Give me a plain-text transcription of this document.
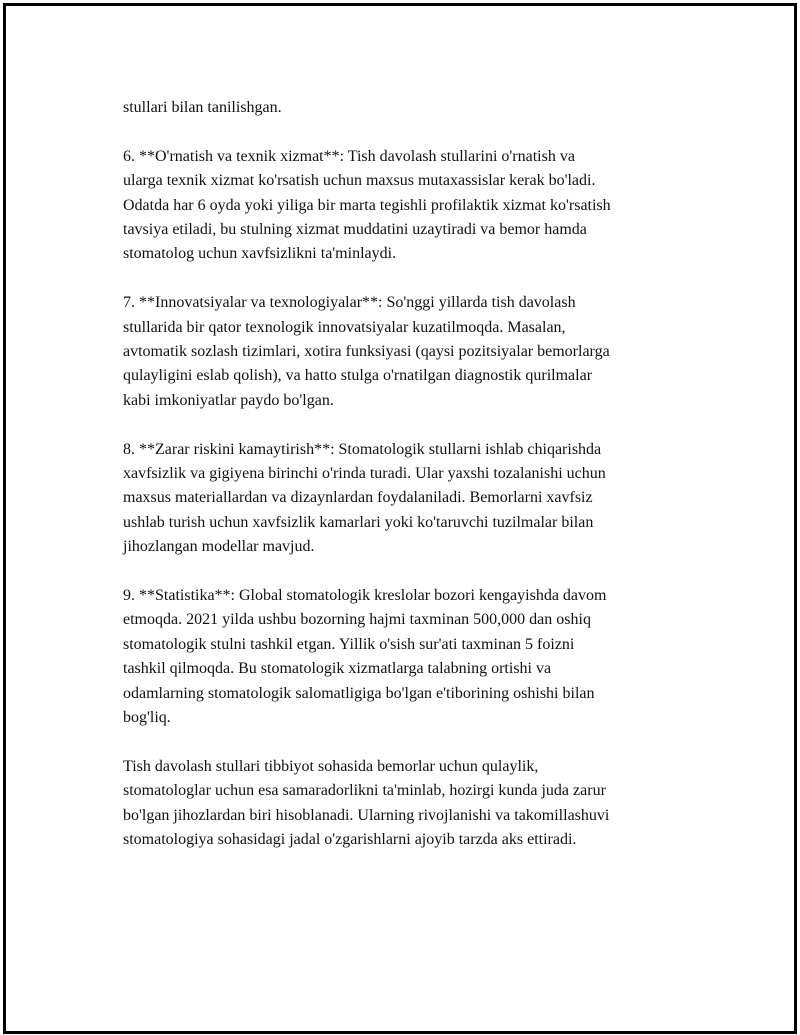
stullari bilan tanilishgan.

6. **O'rnatish va texnik xizmat**: Tish davolash stullarini o'rnatish va
ularga texnik xizmat ko'rsatish uchun maxsus mutaxassislar kerak bo'ladi.
Odatda har 6 oyda yoki yiliga bir marta tegishli profilaktik xizmat ko'rsatish
tavsiya etiladi, bu stulning xizmat muddatini uzaytiradi va bemor hamda
stomatolog uchun xavfsizlikni ta'minlaydi.

7. **Innovatsiyalar va texnologiyalar**: So'nggi yillarda tish davolash
stullarida bir qator texnologik innovatsiyalar kuzatilmoqda. Masalan,
avtomatik sozlash tizimlari, xotira funksiyasi (qaysi pozitsiyalar bemorlarga
qulayligini eslab qolish), va hatto stulga o'rnatilgan diagnostik qurilmalar
kabi imkoniyatlar paydo bo'lgan.

8. **Zarar riskini kamaytirish**: Stomatologik stullarni ishlab chiqarishda
xavfsizlik va gigiyena birinchi o'rinda turadi. Ular yaxshi tozalanishi uchun
maxsus materiallardan va dizaynlardan foydalaniladi. Bemorlarni xavfsiz
ushlab turish uchun xavfsizlik kamarlari yoki ko'taruvchi tuzilmalar bilan
jihozlangan modellar mavjud.

9. **Statistika**: Global stomatologik kreslolar bozori kengayishda davom
etmoqda. 2021 yilda ushbu bozorning hajmi taxminan 500,000 dan oshiq
stomatologik stulni tashkil etgan. Yillik o'sish sur'ati taxminan 5 foizni
tashkil qilmoqda. Bu stomatologik xizmatlarga talabning ortishi va
odamlarning stomatologik salomatligiga bo'lgan e'tiborining oshishi bilan
bog'liq.

Tish davolash stullari tibbiyot sohasida bemorlar uchun qulaylik,
stomatologlar uchun esa samaradorlikni ta'minlab, hozirgi kunda juda zarur
bo'lgan jihozlardan biri hisoblanadi. Ularning rivojlanishi va takomillashuvi
stomatologiya sohasidagi jadal o'zgarishlarni ajoyib tarzda aks ettiradi.
